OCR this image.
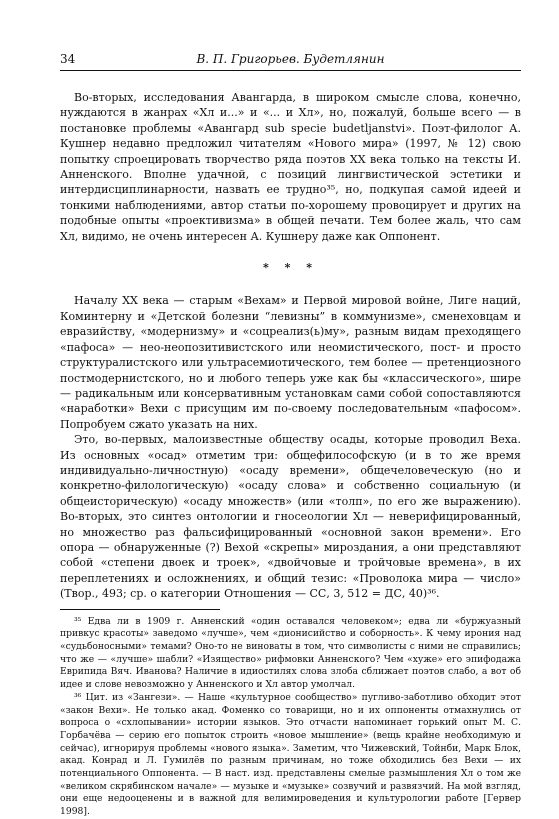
34	В. П. Григорьев. Будетлянин

Во-вторых, исследования Авангарда, в широком смысле слова, конечно, нуждаются в жанрах «Хл и...» и «... и Хл», но, пожалуй, больше всего — в постановке проблемы «Авангард sub specie budetljanstvi». Поэт-филолог А. Кушнер недавно предложил читателям «Нового мира» (1997, № 12) свою попытку спроецировать творчество ряда поэтов XX века только на тексты И. Анненского. Вполне удачной, с позиций лингвистической эстетики и интердисциплинарности, назвать ее трудно³⁵, но, подкупая самой идеей и тонкими наблюдениями, автор статьи по-хорошему провоцирует и других на подобные опыты «проективизма» в общей печати. Тем более жаль, что сам Хл, видимо, не очень интересен А. Кушнеру даже как Оппонент.

* * *

Началу XX века — старым «Вехам» и Первой мировой войне, Лиге наций, Коминтерну и «Детской болезни “левизны” в коммунизме», сменеховцам и евразийству, «модернизму» и «соцреализ(ь)му», разным видам преходящего «пафоса» — нео-неопозитивистского или неомистического, пост- и просто структуралистского или ультрасемиотического, тем более — претенциозного постмодернистского, но и любого теперь уже как бы «классического», шире — радикальным или консервативным установкам сами собой сопоставляются «наработки» Вехи с присущим им по-своему последовательным «пафосом». Попробуем сжато указать на них.

Это, во-первых, малоизвестные обществу осады, которые проводил Веха. Из основных «осад» отметим три: общефилософскую (и в то же время индивидуально-личностную) «осаду времени», общечеловеческую (но и конкретно-филологическую) «осаду слова» и собственно социальную (и общеисторическую) «осаду множеств» (или «толп», по его же выражению). Во-вторых, это синтез онтологии и гносеологии Хл — неверифицированный, но множество раз фальсифицированный «основной закон времени». Его опора — обнаруженные (?) Вехой «скрепы» мироздания, а они представляют собой «степени двоек и троек», «двойчовые и тройчовые времена», в их переплетениях и осложнениях, и общий тезис: «Проволока мира — число» (Твор., 493; ср. о категории Отношения — СС, 3, 512 = ДС, 40)³⁶.

³⁵ Едва ли в 1909 г. Анненский «один оставался человеком»; едва ли «буржуазный привкус красоты» заведомо «лучше», чем «дионисийство и соборность». К чему ирония над «судьбоносными» темами? Оно-то не виноваты в том, что символисты с ними не справились; что же — «лучше» шабли? «Изящество» рифмовки Анненского? Чем «хуже» его эпифодажа Еврипида Вяч. Иванова? Наличие в идиостилях слова злоба сближает поэтов слабо, а вот об идее и слове невозможно у Анненского и Хл автор умолчал.

³⁶ Цит. из «Зангези». — Наше «культурное сообщество» пугливо-заботливо обходит этот «закон Вехи». Не только акад. Фоменко со товарищи, но и их оппоненты отмахнулись от вопроса о «схлопывании» истории языков. Это отчасти напоминает горький опыт М. С. Горбачёва — серию его попыток строить «новое мышление» (вещь крайне необходимую и сейчас), игнорируя проблемы «нового языка». Заметим, что Чижевский, Тойнби, Марк Блок, акад. Конрад и Л. Гумилёв по разным причинам, но тоже обходились без Вехи — их потенциального Оппонента. — В наст. изд. представлены смелые размышления Хл о том же «великом скрябинском начале» — музыке и «музыке» созвучий и развязчий. На мой взгляд, они еще недооценены и в важной для велимироведения и культурологии работе [Гервер 1998].
